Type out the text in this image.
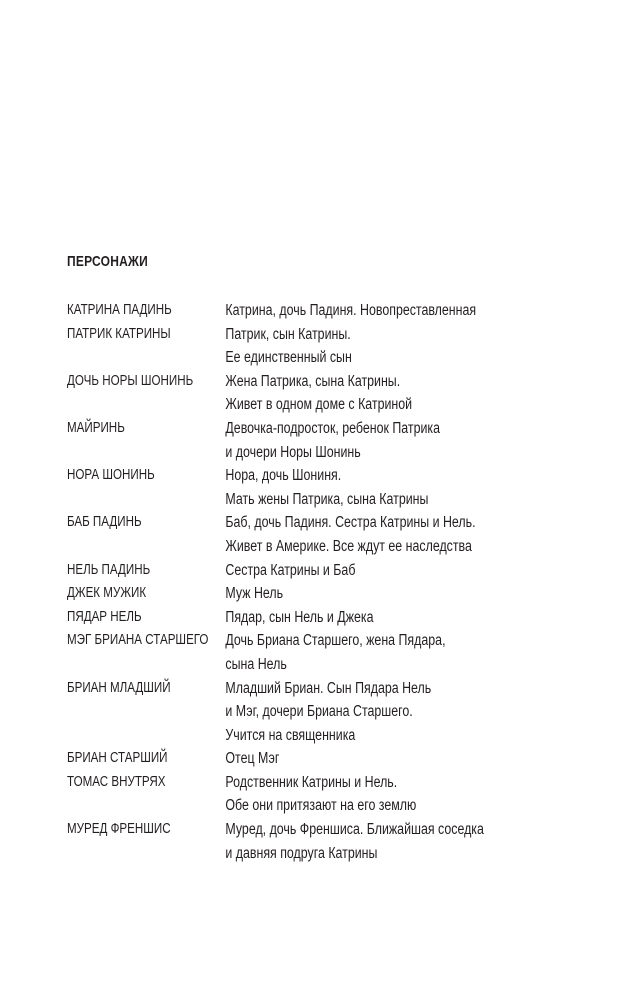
ПЕРСОНАЖИ
КАТРИНА ПАДИНЬ	Катрина, дочь Падиня. Новопреставленная
ПАТРИК КАТРИНЫ	Патрик, сын Катрины.
Ее единственный сын
ДОЧЬ НОРЫ ШОНИНЬ	Жена Патрика, сына Катрины.
Живет в одном доме с Катриной
МАЙРИНЬ	Девочка-подросток, ребенок Патрика
и дочери Норы Шонинь
НОРА ШОНИНЬ	Нора, дочь Шониня.
Мать жены Патрика, сына Катрины
БАБ ПАДИНЬ	Баб, дочь Падиня. Сестра Катрины и Нель.
Живет в Америке. Все ждут ее наследства
НЕЛЬ ПАДИНЬ	Сестра Катрины и Баб
ДЖЕК МУЖИК	Муж Нель
ПЯДАР НЕЛЬ	Пядар, сын Нель и Джека
МЭГ БРИАНА СТАРШЕГО	Дочь Бриана Старшего, жена Пядара,
сына Нель
БРИАН МЛАДШИЙ	Младший Бриан. Сын Пядара Нель
и Мэг, дочери Бриана Старшего.
Учится на священника
БРИАН СТАРШИЙ	Отец Мэг
ТОМАС ВНУТРЯХ	Родственник Катрины и Нель.
Обе они притязают на его землю
МУРЕД ФРЕНШИС	Муред, дочь Френшиса. Ближайшая соседка
и давняя подруга Катрины
